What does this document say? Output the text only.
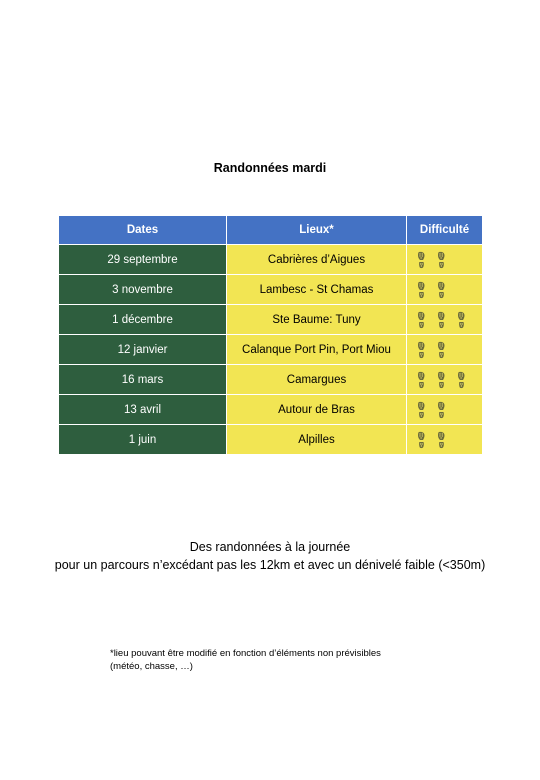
Randonnées mardi
Dates	Lieux*	Difficulté
29 septembre	Cabrières d’Aigues	

3 novembre	Lambesc - St Chamas	

1 décembre	Ste Baume: Tuny	

12 janvier	Calanque Port Pin, Port Miou	

16 mars	Camargues	

13 avril	Autour de Bras	

1 juin	Alpilles	
Des randonnées à la journée
pour un parcours n’excédant pas les 12km et avec un dénivelé faible (<350m)
*lieu pouvant être modifié en fonction d’éléments non prévisibles
(météo, chasse, …)
